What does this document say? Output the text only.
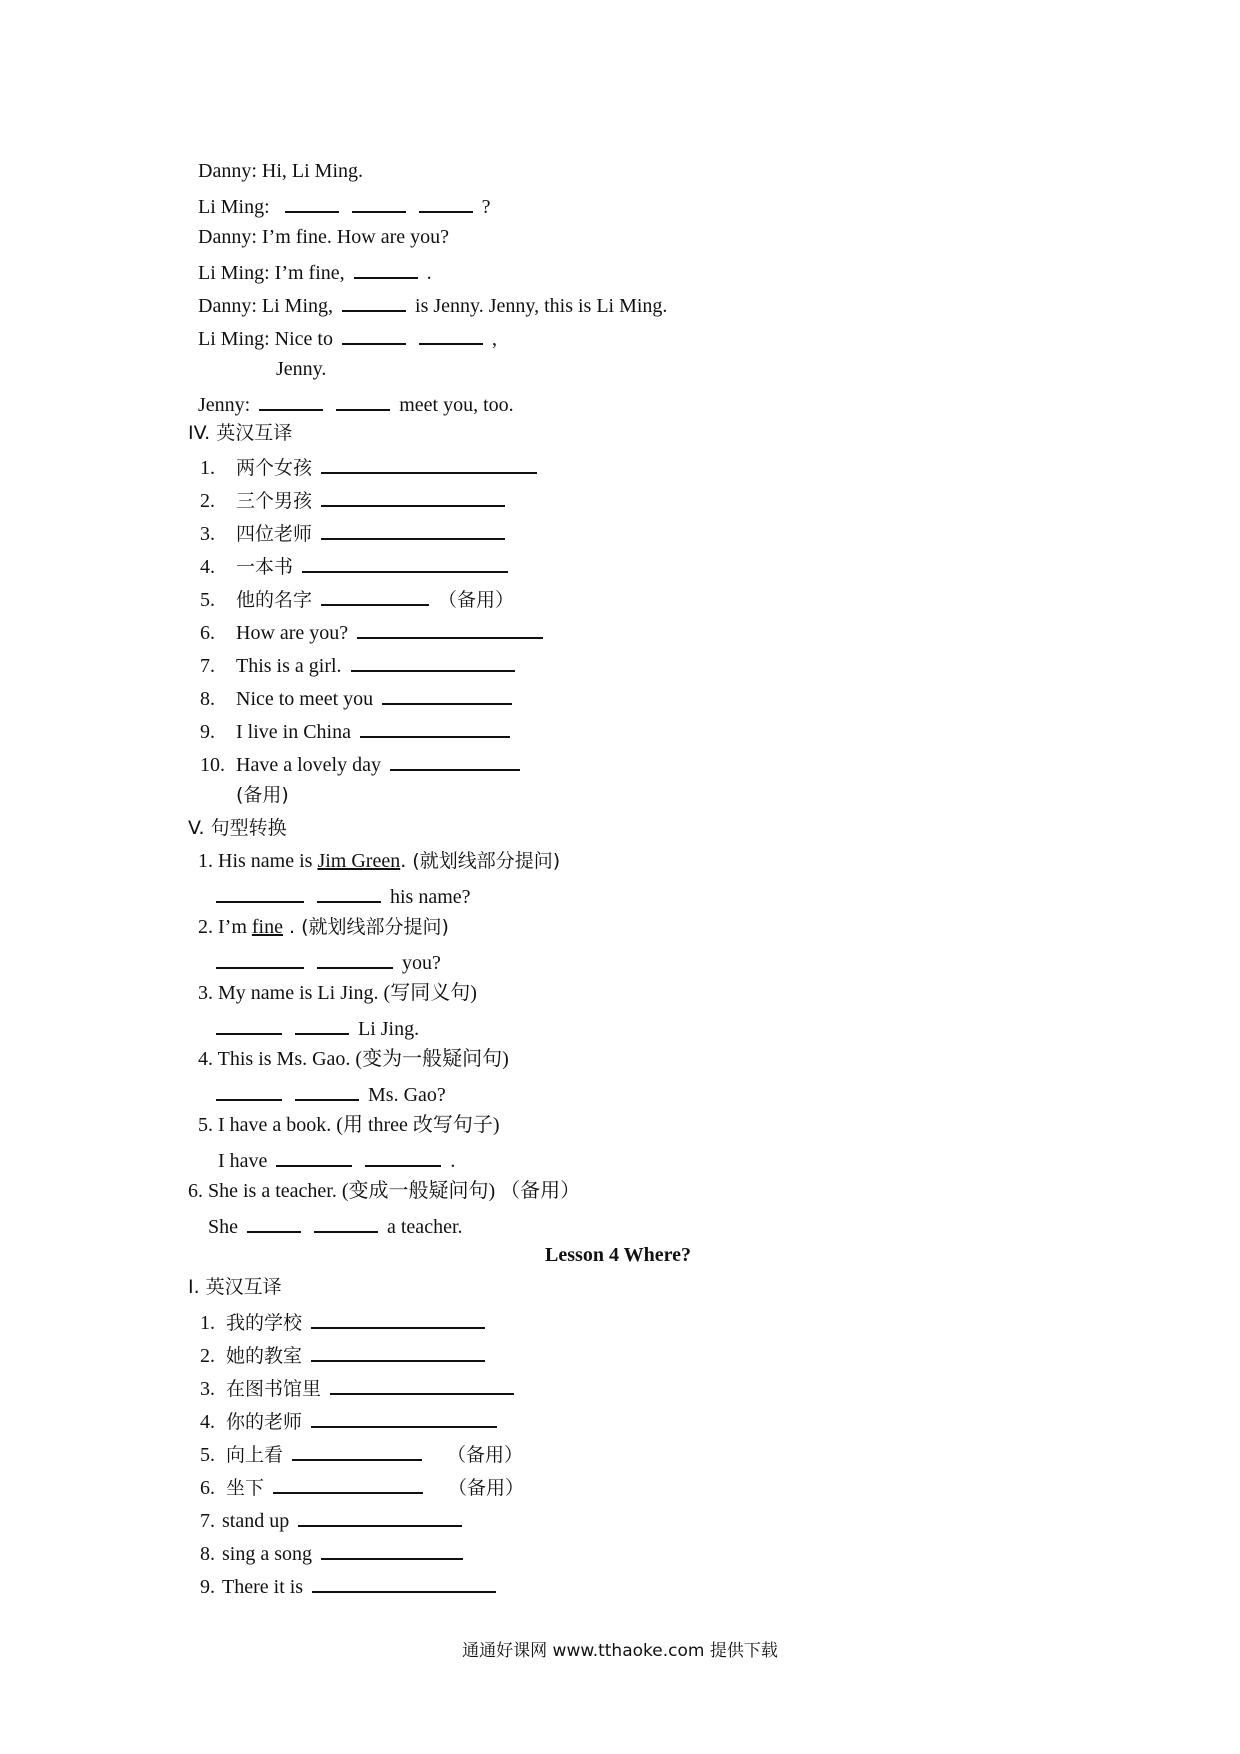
Danny: Hi, Li Ming.
Li Ming:	?
Danny: I’m fine. How are you?
Li Ming: I’m fine,	.
Danny: Li Ming,	is Jenny. Jenny, this is Li Ming.
Li Ming: Nice to	,
Jenny.
Jenny:	meet you, too.
IV. 英汉互译
1. 两个女孩
2. 三个男孩
3. 四位老师
4. 一本书
5. 他的名字	（备用）
6. How are you?
7. This is a girl.
8. Nice to meet you
9. I live in China
10. Have a lovely day
(备用)
V. 句型转换
1. His name is Jim Green. (就划线部分提问)
his name?
2. I’m fine . (就划线部分提问)
you?
3. My name is Li Jing. (写同义句)
Li Jing.
4. This is Ms. Gao. (变为一般疑问句)
Ms. Gao?
5. I have a book. (用 three 改写句子)
I have	.
6. She is a teacher. (变成一般疑问句) （备用）
She	a teacher.
Lesson 4 Where?
I. 英汉互译
1. 我的学校
2. 她的教室
3. 在图书馆里
4. 你的老师
5. 向上看	（备用）
6. 坐下	（备用）
7. stand up
8. sing a song
9. There it is
通通好课网 www.tthaoke.com 提供下载
